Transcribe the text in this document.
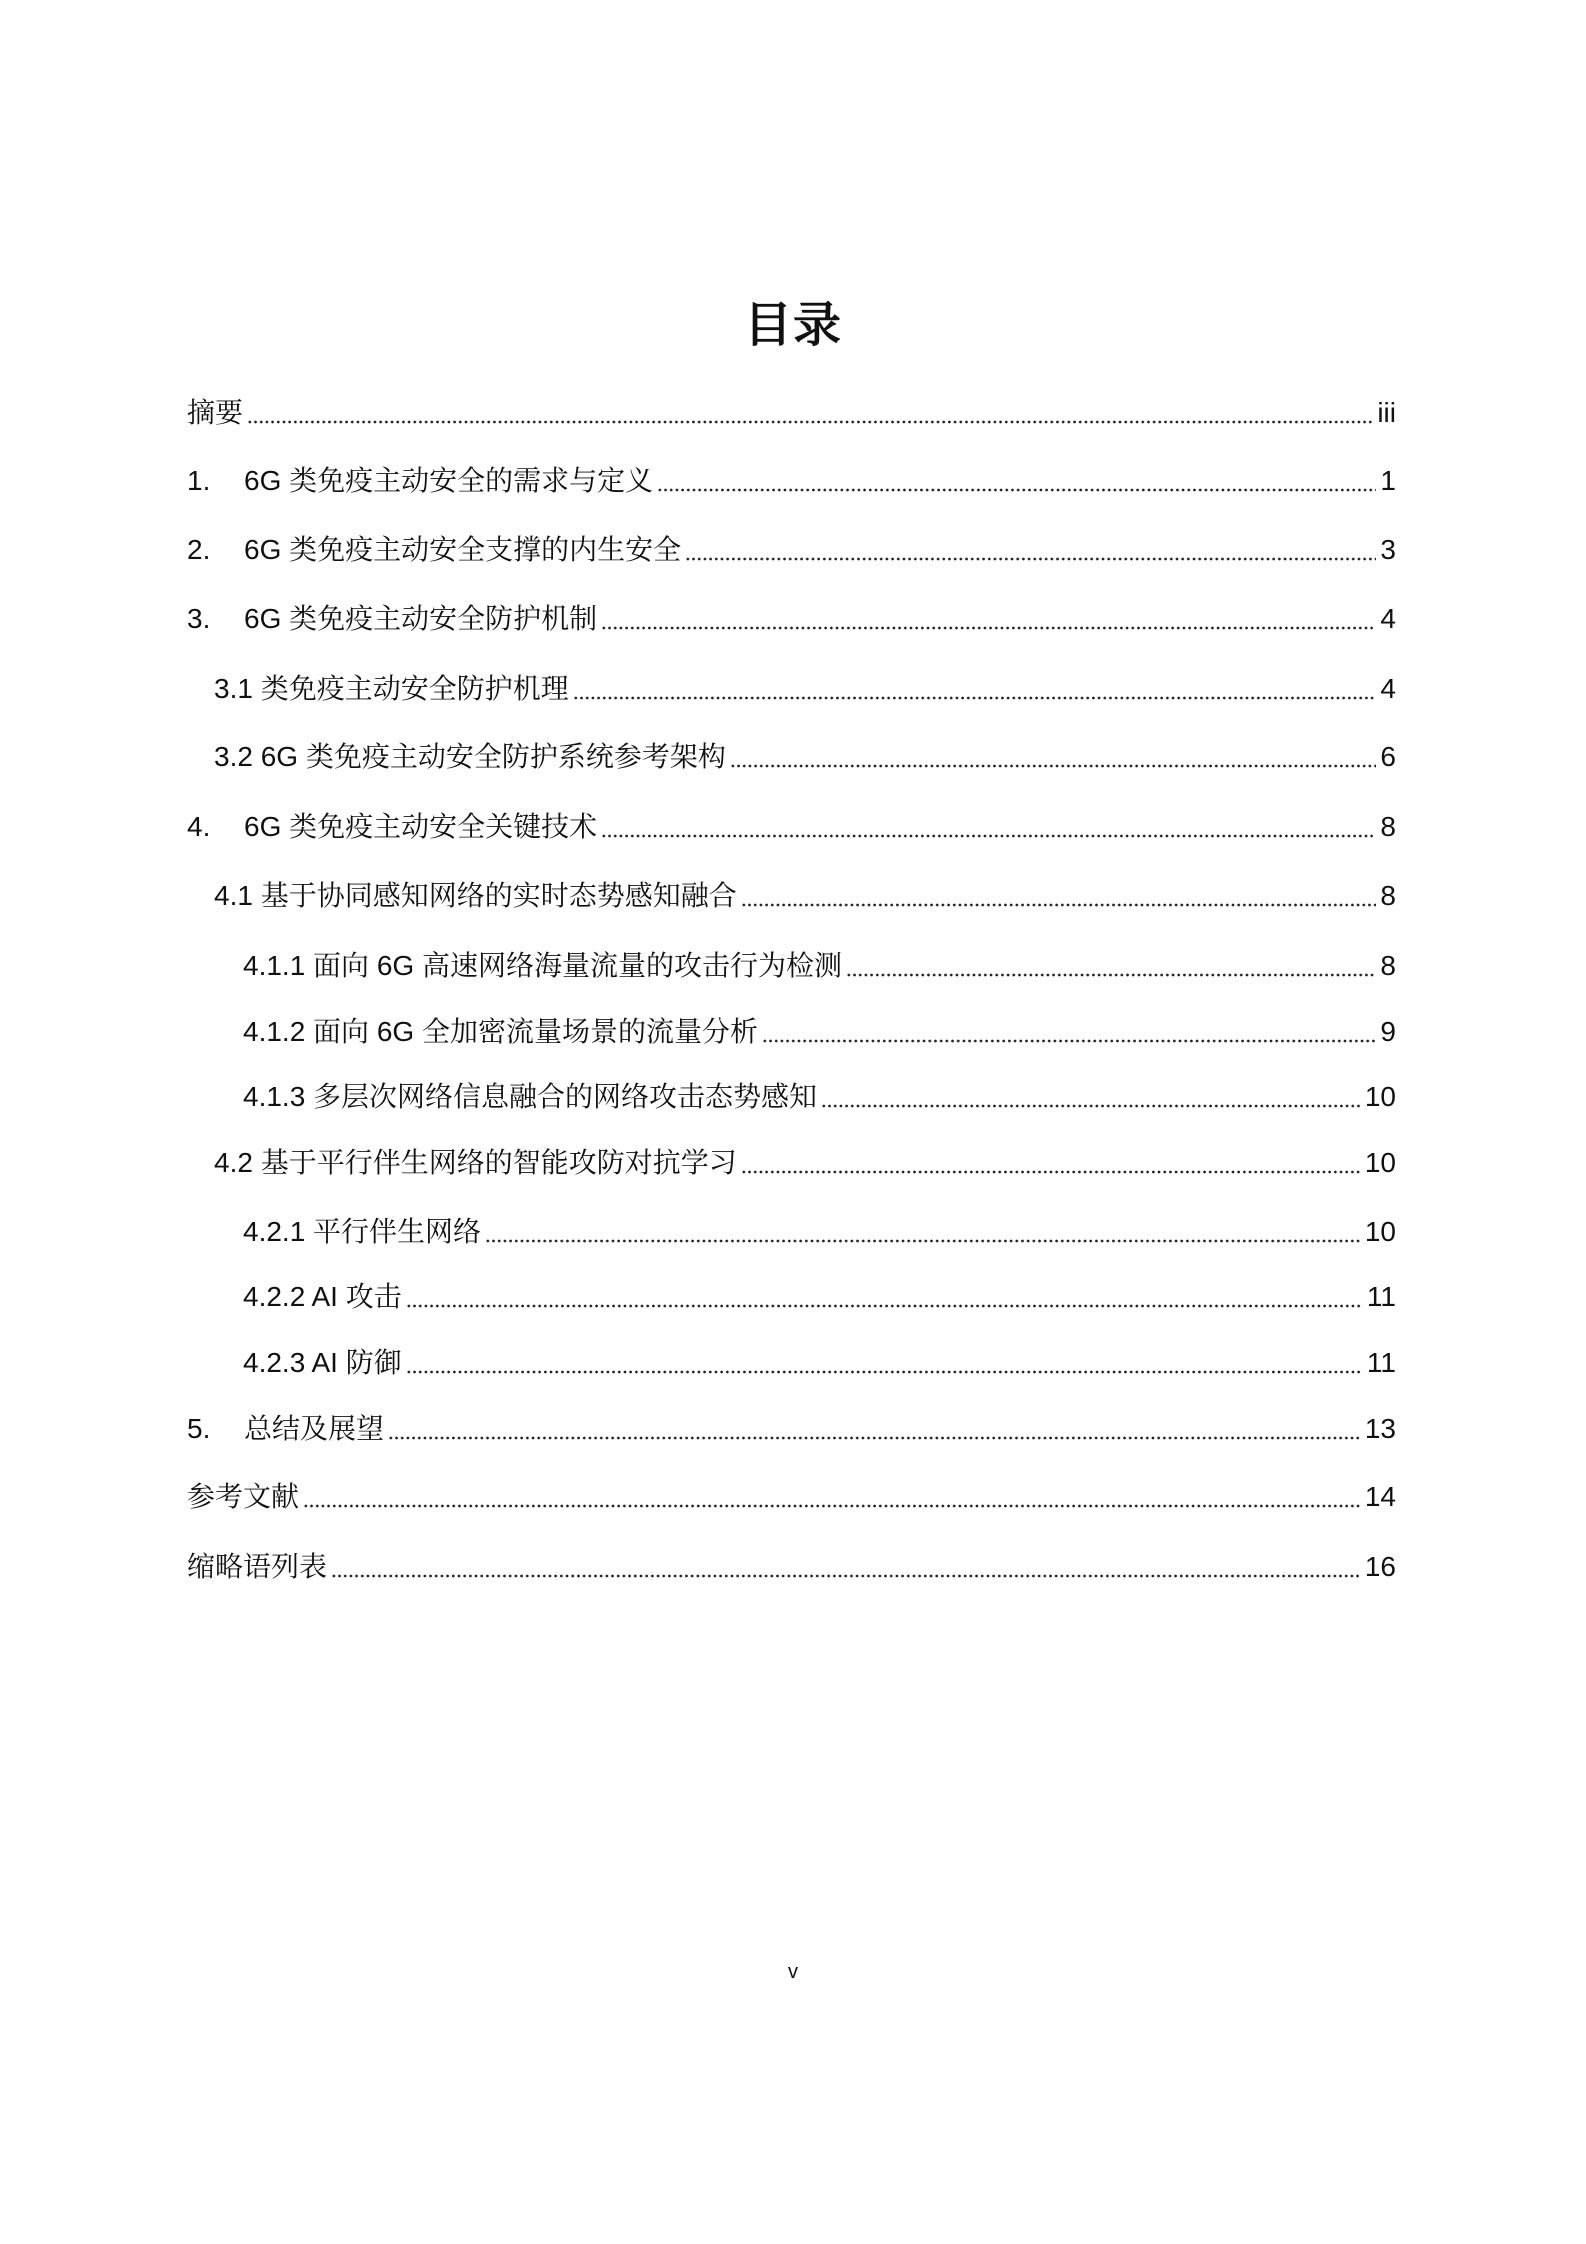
目录
摘要	iii
1.	6G 类免疫主动安全的需求与定义	1
2.	6G 类免疫主动安全支撑的内生安全	3
3.	6G 类免疫主动安全防护机制	4
3.1 类免疫主动安全防护机理	4
3.2 6G 类免疫主动安全防护系统参考架构	6
4.	6G 类免疫主动安全关键技术	8
4.1 基于协同感知网络的实时态势感知融合	8
4.1.1 面向 6G 高速网络海量流量的攻击行为检测	8
4.1.2 面向 6G 全加密流量场景的流量分析	9
4.1.3 多层次网络信息融合的网络攻击态势感知	10
4.2 基于平行伴生网络的智能攻防对抗学习	10
4.2.1 平行伴生网络	10
4.2.2 AI 攻击	11
4.2.3 AI 防御	11
5.	总结及展望	13
参考文献	14
缩略语列表	16
v
